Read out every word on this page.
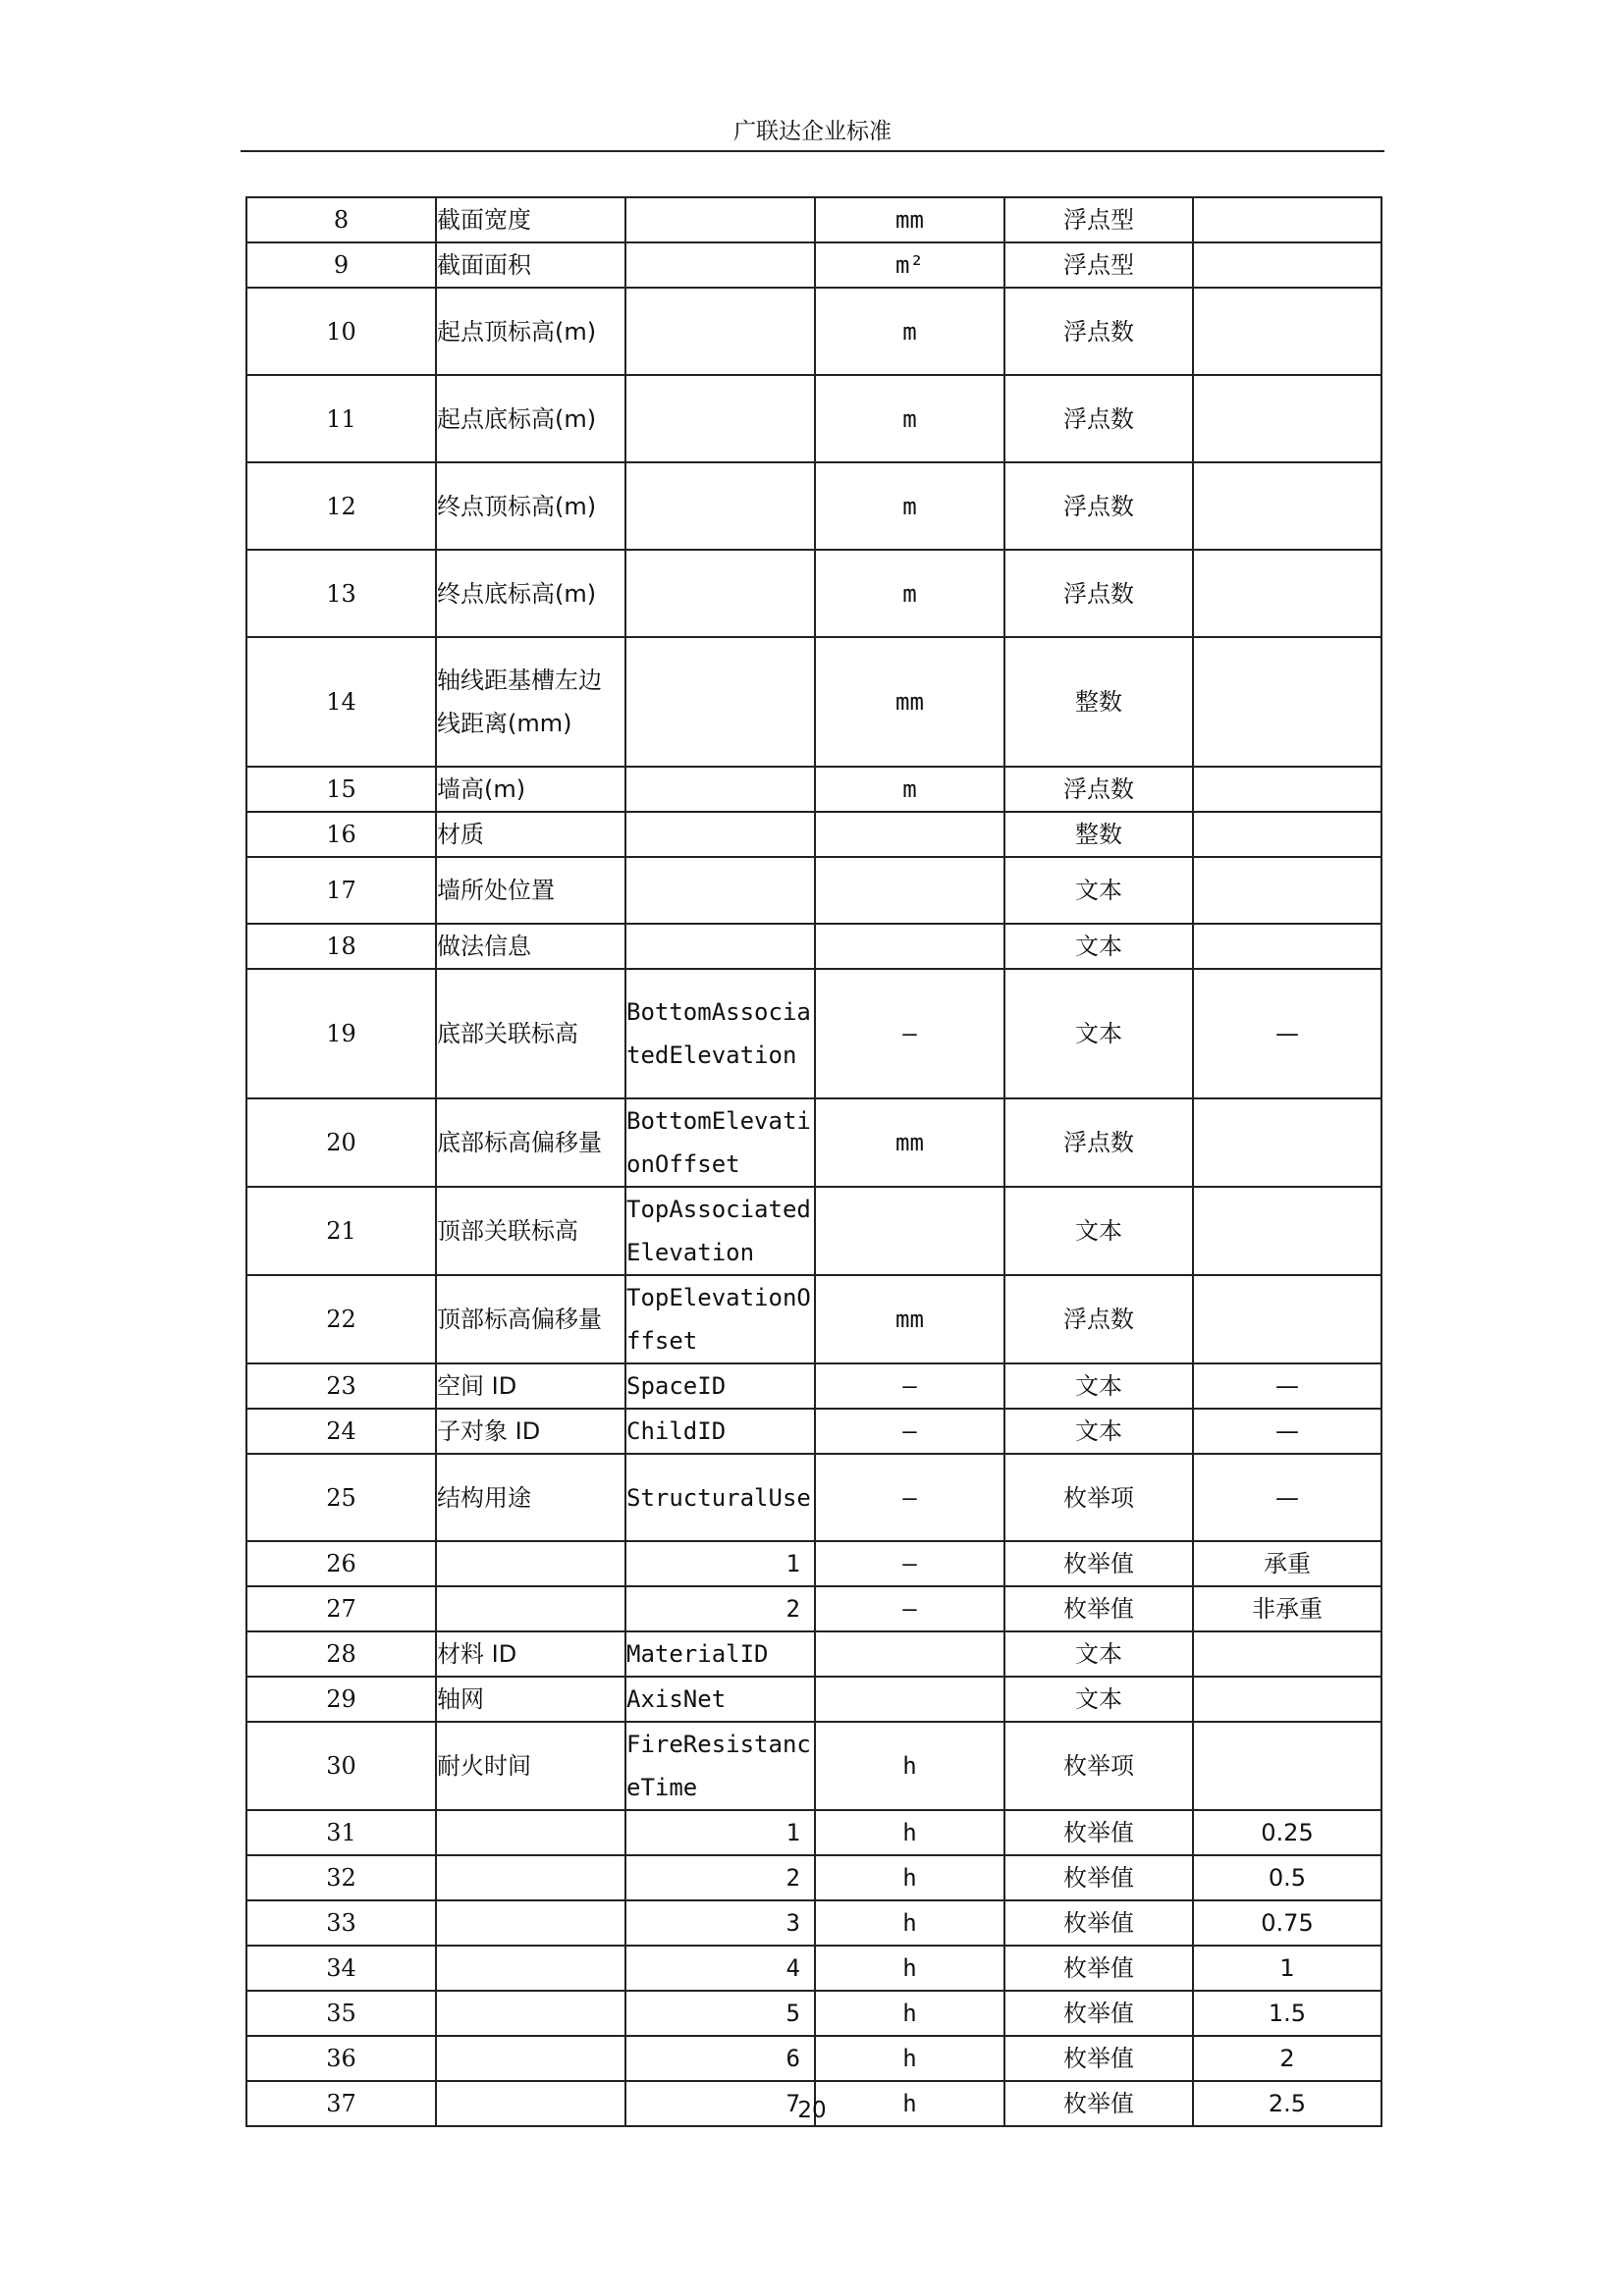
广联达企业标准
8	截面宽度		mm	浮点型	
9	截面面积		m²	浮点型	
10	起点顶标高(m)		m	浮点数	
11	起点底标高(m)		m	浮点数	
12	终点顶标高(m)		m	浮点数	
13	终点底标高(m)		m	浮点数	
14	轴线距基槽左边线距离(mm)		mm	整数	
15	墙高(m)		m	浮点数	
16	材质			整数	
17	墙所处位置			文本	
18	做法信息			文本	
19	底部关联标高	BottomAssociatedElevation	—	文本	—
20	底部标高偏移量	BottomElevationOffset	mm	浮点数	
21	顶部关联标高	TopAssociatedElevation		文本	
22	顶部标高偏移量	TopElevationOffset	mm	浮点数	
23	空间 ID	SpaceID	—	文本	—
24	子对象 ID	ChildID	—	文本	—
25	结构用途	StructuralUse	—	枚举项	—
26		1	—	枚举值	承重
27		2	—	枚举值	非承重
28	材料 ID	MaterialID		文本	
29	轴网	AxisNet		文本	
30	耐火时间	FireResistanceTime	h	枚举项	
31		1	h	枚举值	0.25
32		2	h	枚举值	0.5
33		3	h	枚举值	0.75
34		4	h	枚举值	1
35		5	h	枚举值	1.5
36		6	h	枚举值	2
37		7	h	枚举值	2.5
20
